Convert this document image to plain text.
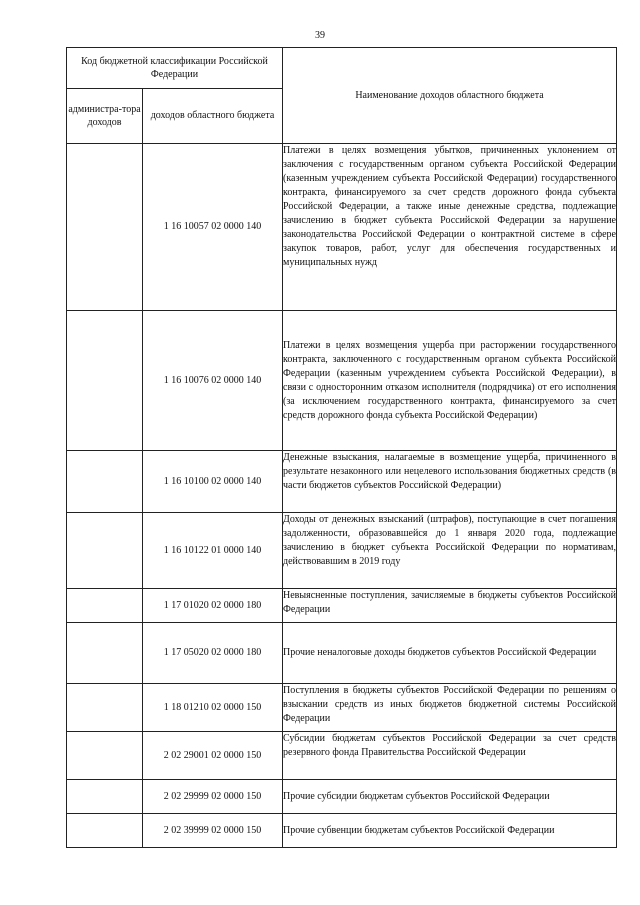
39
Код бюджетной классификации Российской Федерации		Наименование доходов областного бюджета
администра-тора доходов	доходов областного бюджета	
	1 16 10057 02 0000 140	Платежи в целях возмещения убытков, причиненных уклонением от заключения с государственным органом субъекта Российской Федерации (казенным учреждением субъекта Российской Федерации) государственного контракта, финансируемого за счет средств дорожного фонда субъекта Российской Федерации, а также иные денежные средства, подлежащие зачислению в бюджет субъекта Российской Федерации за нарушение законодательства Российской Федерации о контрактной системе в сфере закупок товаров, работ, услуг для обеспечения государственных и муниципальных нужд
	1 16 10076 02 0000 140	Платежи в целях возмещения ущерба при расторжении государственного контракта, заключенного с государственным органом субъекта Российской Федерации (казенным учреждением субъекта Российской Федерации), в связи с односторонним отказом исполнителя (подрядчика) от его исполнения (за исключением государственного контракта, финансируемого за счет средств дорожного фонда субъекта Российской Федерации)
	1 16 10100 02 0000 140	Денежные взыскания, налагаемые в возмещение ущерба, причиненного в результате незаконного или нецелевого использования бюджетных средств (в части бюджетов субъектов Российской Федерации)
	1 16 10122 01 0000 140	Доходы от денежных взысканий (штрафов), поступающие в счет погашения задолженности, образовавшейся до 1 января 2020 года, подлежащие зачислению в бюджет субъекта Российской Федерации по нормативам, действовавшим в 2019 году
	1 17 01020 02 0000 180	Невыясненные поступления, зачисляемые в бюджеты субъектов Российской Федерации
	1 17 05020 02 0000 180	Прочие неналоговые доходы бюджетов субъектов Российской Федерации
	1 18 01210 02 0000 150	Поступления в бюджеты субъектов Российской Федерации по решениям о взыскании средств из иных бюджетов бюджетной системы Российской Федерации
	2 02 29001 02 0000 150	Субсидии бюджетам субъектов Российской Федерации за счет средств резервного фонда Правительства Российской Федерации
	2 02 29999 02 0000 150	Прочие субсидии бюджетам субъектов Российской Федерации
	2 02 39999 02 0000 150	Прочие субвенции бюджетам субъектов Российской Федерации
